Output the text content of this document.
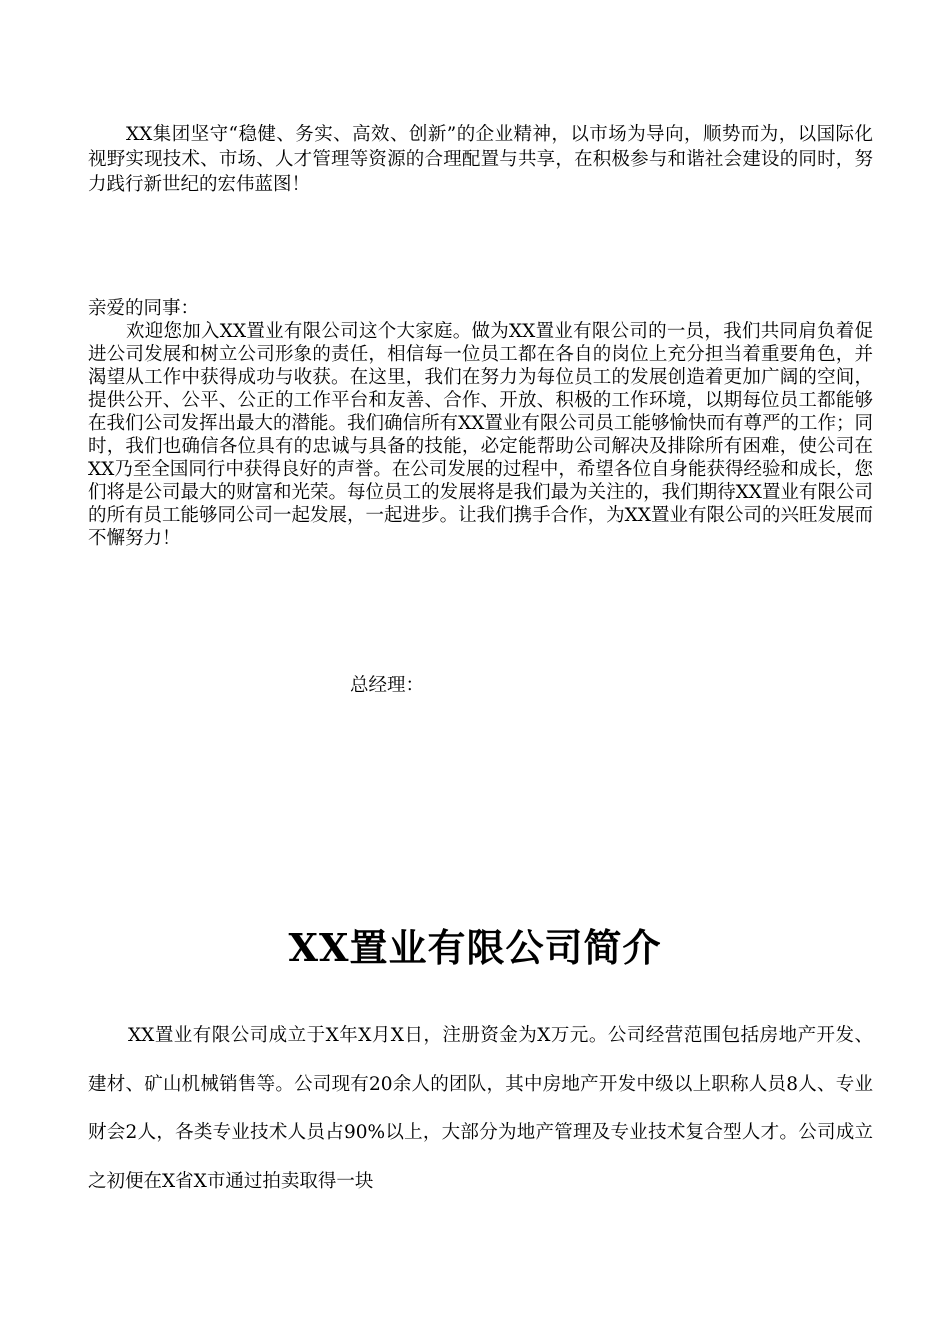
XX集团坚守“稳健、务实、高效、创新”的企业精神，以市场为导向，顺势而为，以国际化视野实现技术、市场、人才管理等资源的合理配置与共享，在积极参与和谐社会建设的同时，努力践行新世纪的宏伟蓝图！

亲爱的同事：

欢迎您加入XX置业有限公司这个大家庭。做为XX置业有限公司的一员，我们共同肩负着促进公司发展和树立公司形象的责任，相信每一位员工都在各自的岗位上充分担当着重要角色，并渴望从工作中获得成功与收获。在这里，我们在努力为每位员工的发展创造着更加广阔的空间，提供公开、公平、公正的工作平台和友善、合作、开放、积极的工作环境，以期每位员工都能够在我们公司发挥出最大的潜能。我们确信所有XX置业有限公司员工能够愉快而有尊严的工作；同时，我们也确信各位具有的忠诚与具备的技能，必定能帮助公司解决及排除所有困难，使公司在XX乃至全国同行中获得良好的声誉。在公司发展的过程中，希望各位自身能获得经验和成长，您们将是公司最大的财富和光荣。每位员工的发展将是我们最为关注的，我们期待XX置业有限公司的所有员工能够同公司一起发展，一起进步。让我们携手合作，为XX置业有限公司的兴旺发展而不懈努力！

总经理：

XX置业有限公司简介

XX置业有限公司成立于X年X月X日，注册资金为X万元。公司经营范围包括房地产开发、建材、矿山机械销售等。公司现有20余人的团队，其中房地产开发中级以上职称人员8人、专业财会2人，各类专业技术人员占90%以上，大部分为地产管理及专业技术复合型人才。公司成立之初便在X省X市通过拍卖取得一块
